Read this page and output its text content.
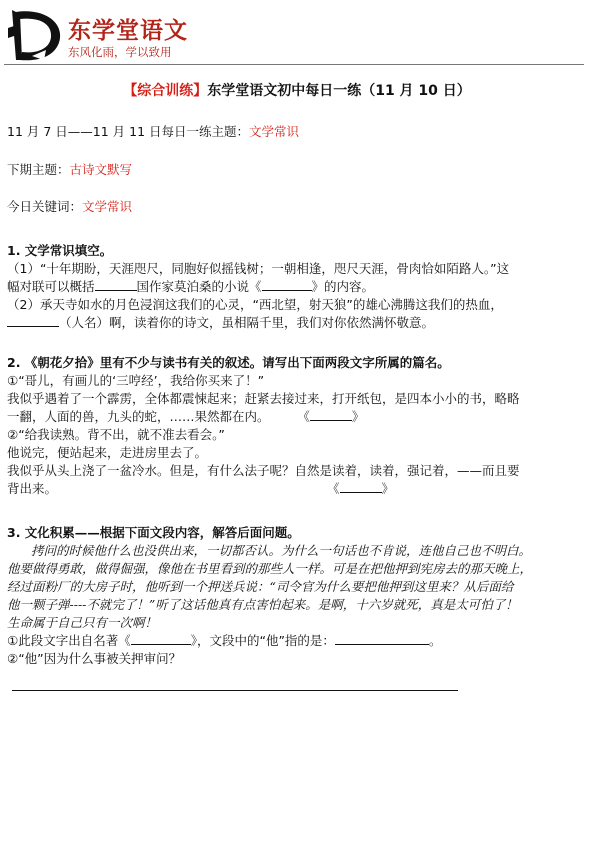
东学堂语文
东风化雨，学以致用
【综合训练】东学堂语文初中每日一练（11 月 10 日）
11 月 7 日——11 月 11 日每日一练主题：文学常识
下期主题：古诗文默写
今日关键词：文学常识

1. 文学常识填空。

（1）“十年期盼，天涯咫尺，同胞好似摇钱树；一朝相逢，咫尺天涯，骨肉恰如陌路人。”这

幅对联可以概括	国作家莫泊桑的小说《	》的内容。

（2）承天寺如水的月色浸润这我们的心灵，“西北望，射天狼”的雄心沸腾这我们的热血，

（人名）啊，读着你的诗文，虽相隔千里，我们对你依然满怀敬意。

2. 《朝花夕拾》里有不少与读书有关的叙述。请写出下面两段文字所属的篇名。

①“哥儿，有画儿的‘三哼经’，我给你买来了！”

我似乎遇着了一个霹雳，全体都震悚起来；赶紧去接过来，打开纸包，是四本小小的书，略略

一翻，人面的兽，九头的蛇，……果然都在内。 《	》

②“给我读熟。背不出，就不准去看会。”

他说完，便站起来，走进房里去了。

我似乎从头上浇了一盆冷水。但是，有什么法子呢？自然是读着，读着，强记着，——而且要

背出来。	《	》

3. 文化积累——根据下面文段内容，解答后面问题。

拷问的时候他什么也没供出来，一切都否认。为什么一句话也不肯说，连他自己也不明白。

他要做得勇敢，做得倔强，像他在书里看到的那些人一样。可是在把他押到宪房去的那天晚上，

经过面粉厂的大房子时，他听到一个押送兵说：“司令官为什么要把他押到这里来？从后面给

他一颗子弹----不就完了！”听了这话他真有点害怕起来。是啊，十六岁就死，真是太可怕了！

生命属于自己只有一次啊！

①此段文字出自名著《	》，文段中的“他”指的是：	。

②“他”因为什么事被关押审问？
